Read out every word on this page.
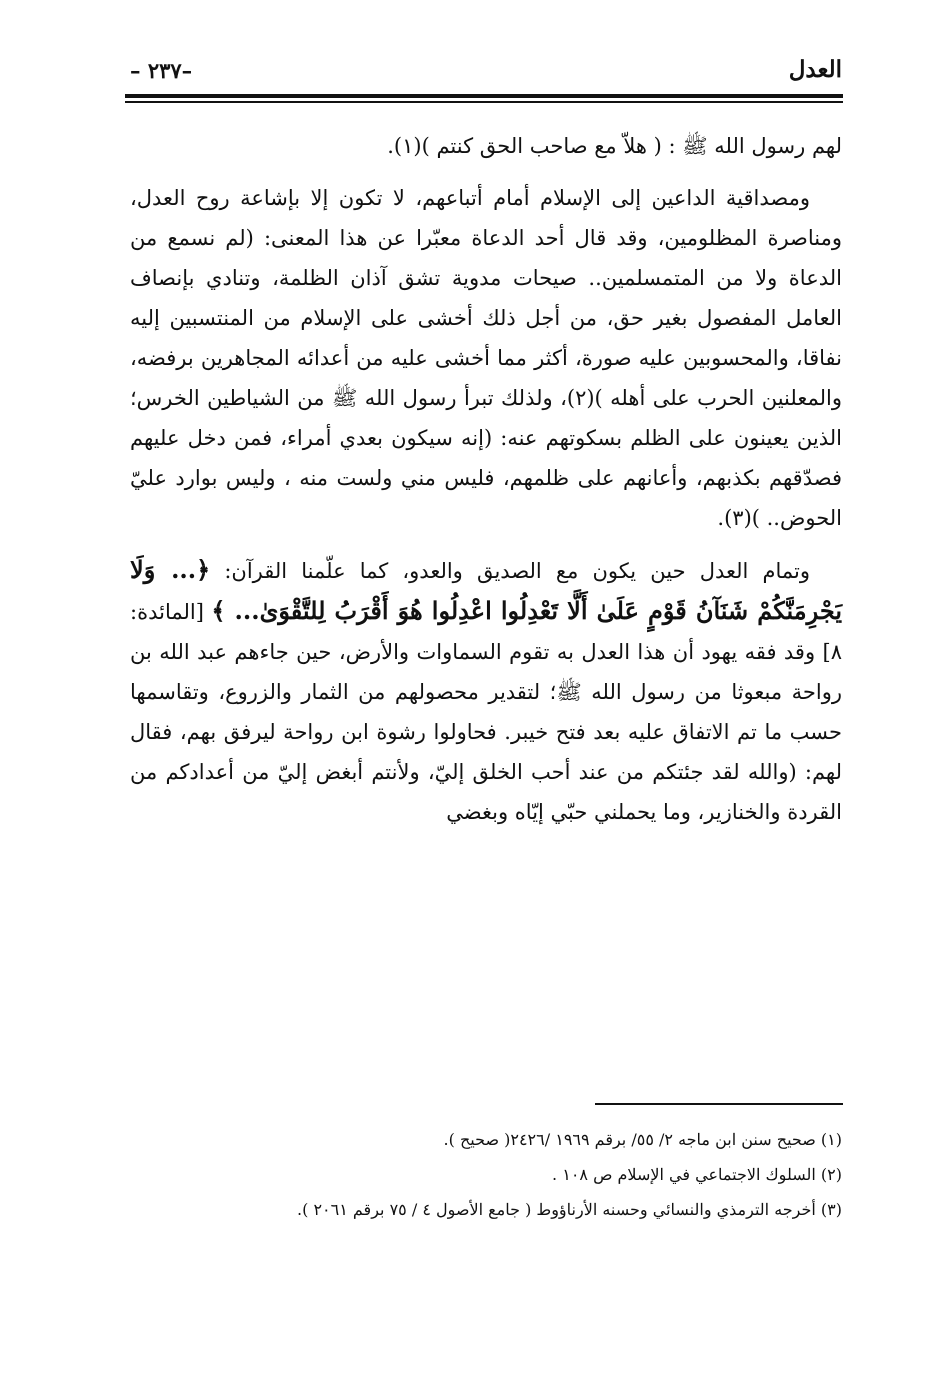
العدل
– ٢٣٧–

لهم رسول الله ﷺ : ( هلاّ مع صاحب الحق كنتم )(١).

ومصداقية الداعين إلى الإسلام أمام أتباعهم، لا تكون إلا بإشاعة روح العدل، ومناصرة المظلومين، وقد قال أحد الدعاة معبّرا عن هذا المعنى: (لم نسمع من الدعاة ولا من المتمسلمين.. صيحات مدوية تشق آذان الظلمة، وتنادي بإنصاف العامل المفصول بغير حق، من أجل ذلك أخشى على الإسلام من المنتسبين إليه نفاقا، والمحسوبين عليه صورة، أكثر مما أخشى عليه من أعدائه المجاهرين برفضه، والمعلنين الحرب على أهله )(٢)، ولذلك تبرأ رسول الله ﷺ من الشياطين الخرس؛ الذين يعينون على الظلم بسكوتهم عنه: (إنه سيكون بعدي أمراء، فمن دخل عليهم فصدّقهم بكذبهم، وأعانهم على ظلمهم، فليس مني ولست منه ، وليس بوارد عليّ الحوض.. )(٣).

وتمام العدل حين يكون مع الصديق والعدو، كما علّمنا القرآن: ﴿... وَلَا يَجْرِمَنَّكُمْ شَنَآنُ قَوْمٍ عَلَىٰ أَلَّا تَعْدِلُوا اعْدِلُوا هُوَ أَقْرَبُ لِلتَّقْوَىٰ... ﴾ [المائدة: ٨] وقد فقه يهود أن هذا العدل به تقوم السماوات والأرض، حين جاءهم عبد الله بن رواحة مبعوثا من رسول الله ﷺ؛ لتقدير محصولهم من الثمار والزروع، وتقاسمها حسب ما تم الاتفاق عليه بعد فتح خيبر. فحاولوا رشوة ابن رواحة ليرفق بهم، فقال لهم: (والله لقد جئتكم من عند أحب الخلق إليّ، ولأنتم أبغض إليّ من أعدادكم من القردة والخنازير، وما يحملني حبّي إيّاه وبغضي

(١) صحيح سنن ابن ماجه ٢/ ٥٥/ برقم ١٩٦٩ /٢٤٢٦( صحيح ).
(٢) السلوك الاجتماعي في الإسلام ص ١٠٨ .
(٣) أخرجه الترمذي والنسائي وحسنه الأرناؤوط ( جامع الأصول ٤ / ٧٥ برقم ٢٠٦١ ).
